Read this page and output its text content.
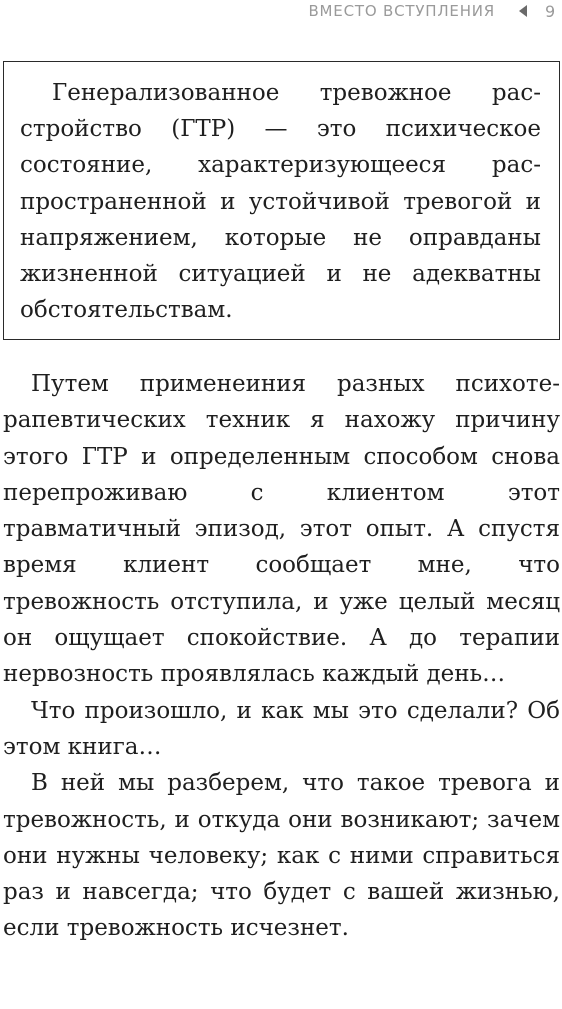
ВМЕСТО ВСТУПЛЕНИЯ	9

Генерализованное тревожное расстройство (ГТР) — это психическое состояние, характеризующееся распространенной и устойчивой тревогой и напряжением, которые не оправданы жизненной ситуацией и не адекватны обстоятельствам.

Путем применеиния разных психотерапевтических техник я нахожу причину этого ГТР и определенным способом снова перепроживаю с клиентом этот травматичный эпизод, этот опыт. А спустя время клиент сообщает мне, что тревожность отступила, и уже целый месяц он ощущает спокойствие. А до терапии нервозность проявлялась каждый день…

Что произошло, и как мы это сделали? Об этом книга…

В ней мы разберем, что такое тревога и тревожность, и откуда они возникают; зачем они нужны человеку; как с ними справиться раз и навсегда; что будет с вашей жизнью, если тревожность исчезнет.
